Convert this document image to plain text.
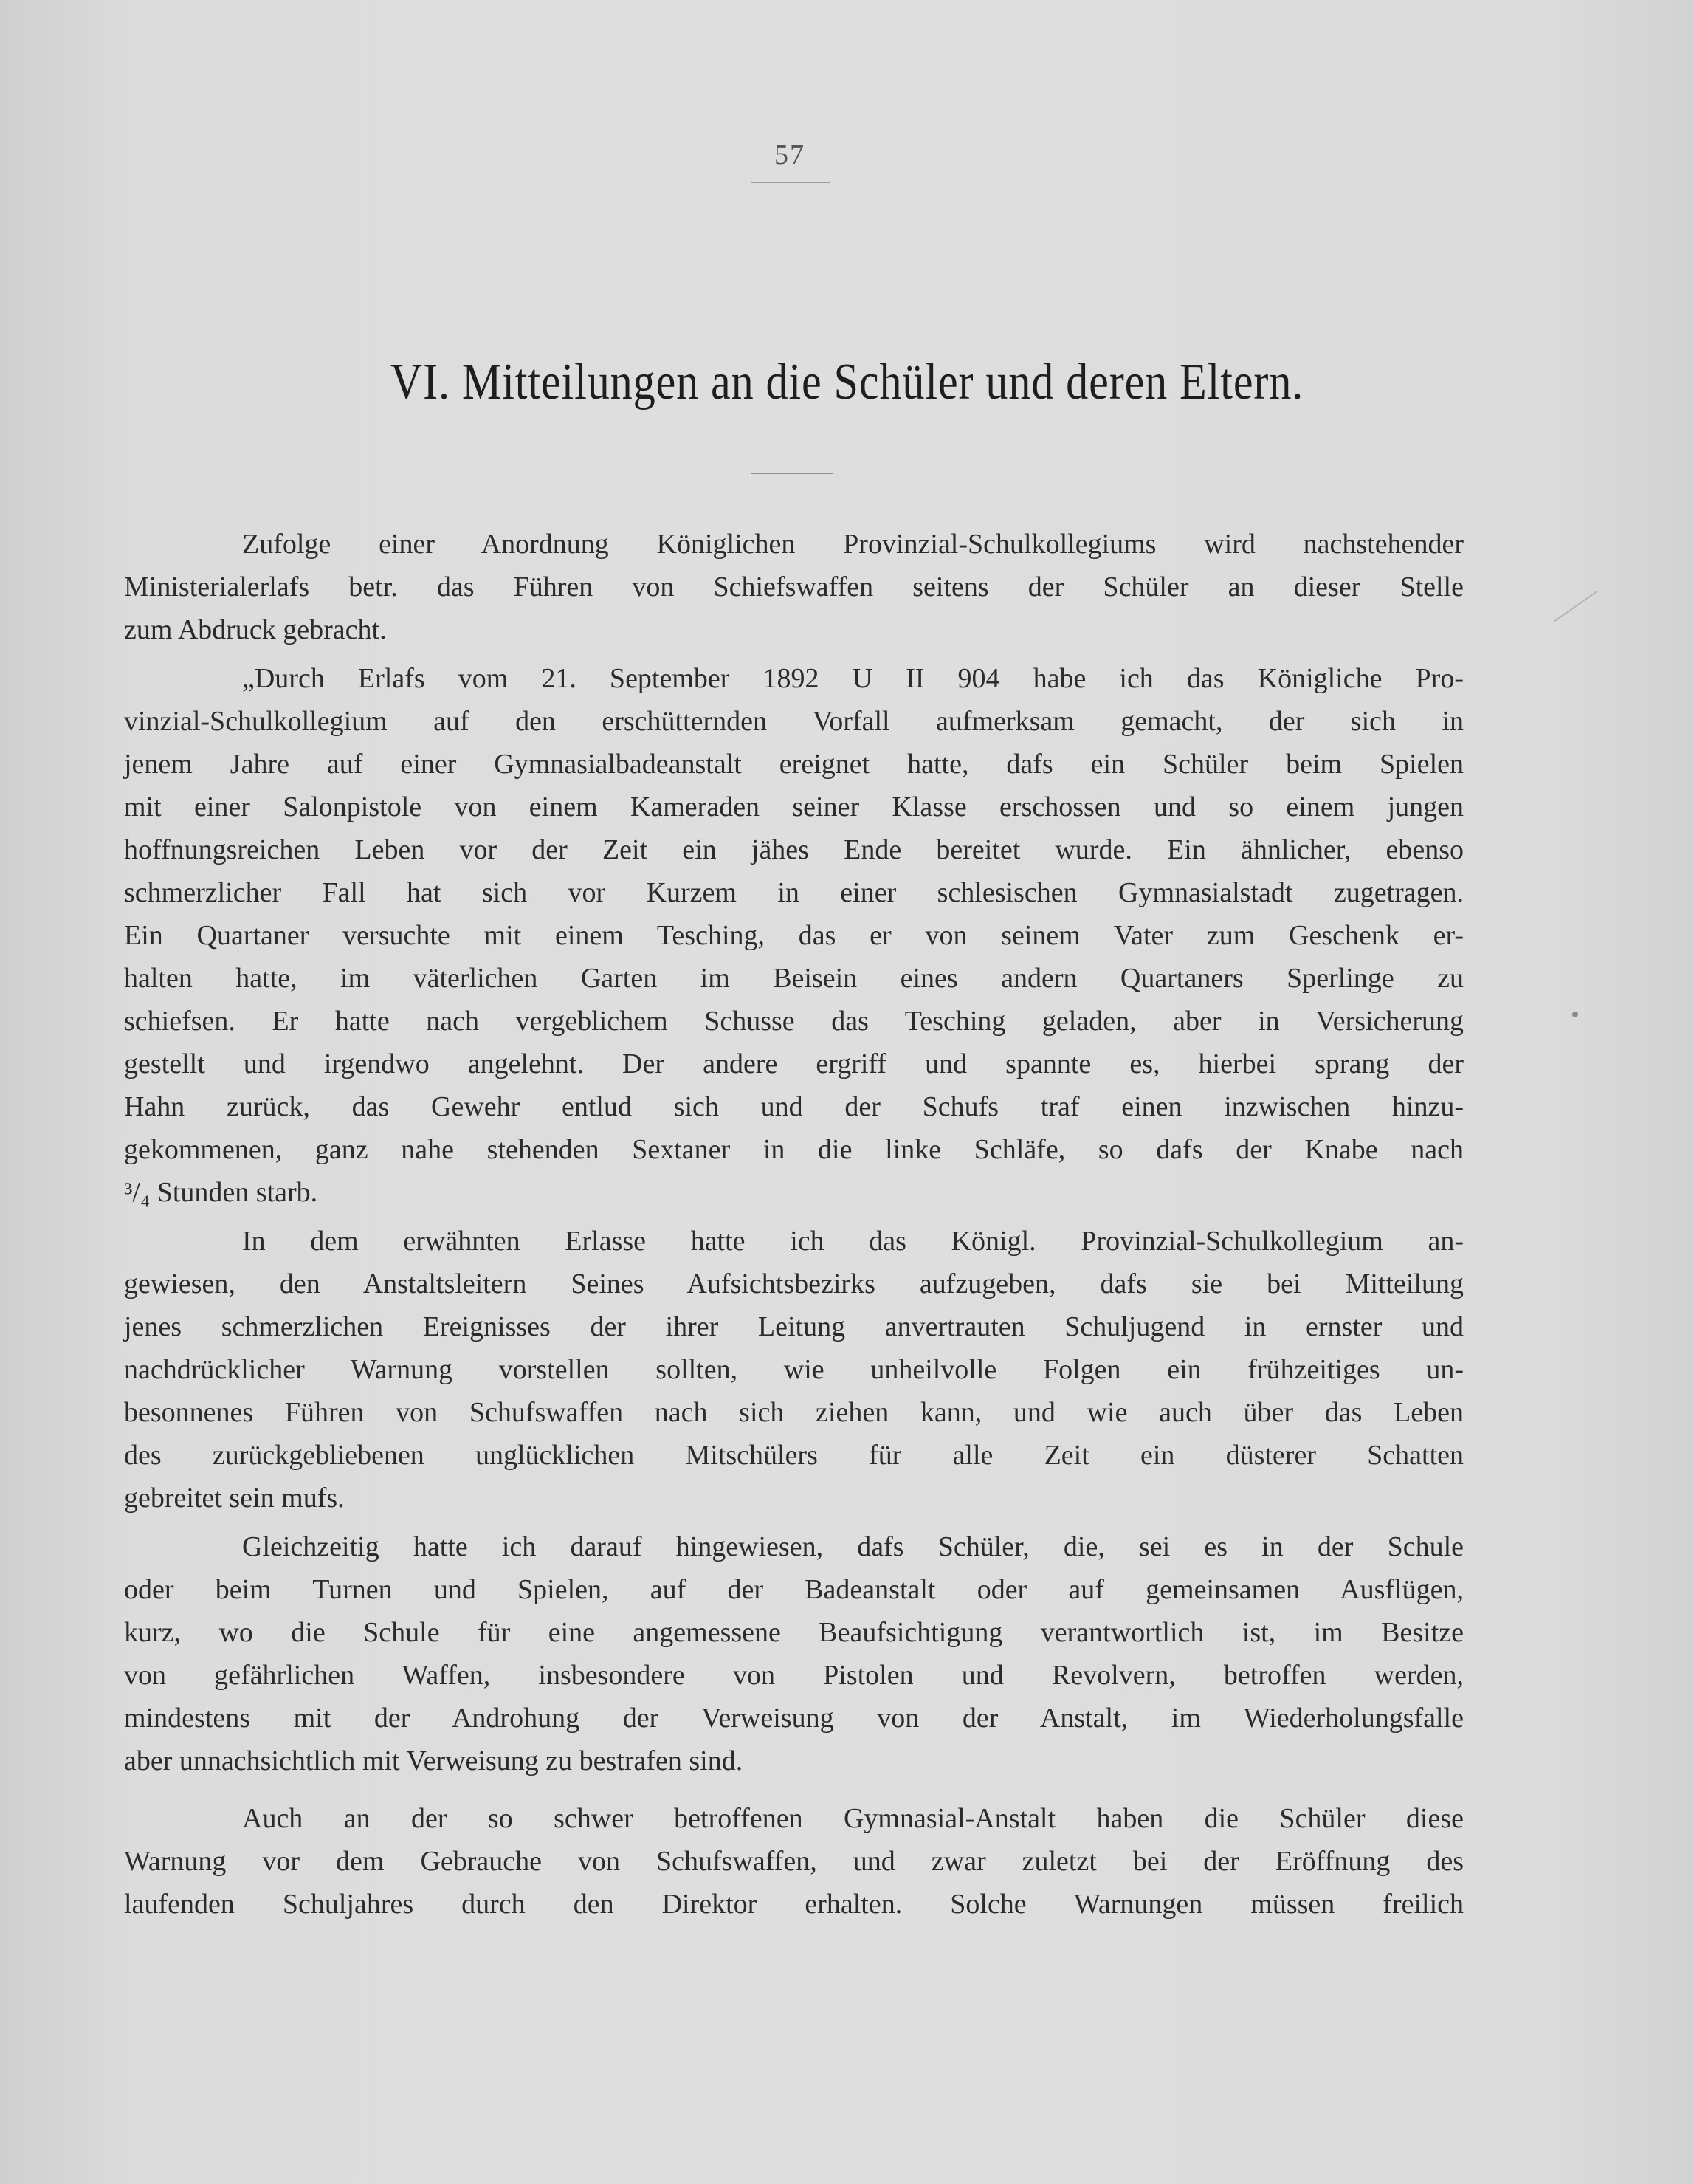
57
VI. Mitteilungen an die Schüler und deren Eltern.
Zufolge einer Anordnung Königlichen Provinzial-Schulkollegiums wird nachstehender
Ministerialerlafs betr. das Führen von Schiefswaffen seitens der Schüler an dieser Stelle
zum Abdruck gebracht.
„Durch Erlafs vom 21. September 1892 U II 904 habe ich das Königliche Pro-
vinzial-Schulkollegium auf den erschütternden Vorfall aufmerksam gemacht, der sich in
jenem Jahre auf einer Gymnasialbadeanstalt ereignet hatte, dafs ein Schüler beim Spielen
mit einer Salonpistole von einem Kameraden seiner Klasse erschossen und so einem jungen
hoffnungsreichen Leben vor der Zeit ein jähes Ende bereitet wurde. Ein ähnlicher, ebenso
schmerzlicher Fall hat sich vor Kurzem in einer schlesischen Gymnasialstadt zugetragen.
Ein Quartaner versuchte mit einem Tesching, das er von seinem Vater zum Geschenk er-
halten hatte, im väterlichen Garten im Beisein eines andern Quartaners Sperlinge zu
schiefsen. Er hatte nach vergeblichem Schusse das Tesching geladen, aber in Versicherung
gestellt und irgendwo angelehnt. Der andere ergriff und spannte es, hierbei sprang der
Hahn zurück, das Gewehr entlud sich und der Schufs traf einen inzwischen hinzu-
gekommenen, ganz nahe stehenden Sextaner in die linke Schläfe, so dafs der Knabe nach
³/₄ Stunden starb.
In dem erwähnten Erlasse hatte ich das Königl. Provinzial-Schulkollegium an-
gewiesen, den Anstaltsleitern Seines Aufsichtsbezirks aufzugeben, dafs sie bei Mitteilung
jenes schmerzlichen Ereignisses der ihrer Leitung anvertrauten Schuljugend in ernster und
nachdrücklicher Warnung vorstellen sollten, wie unheilvolle Folgen ein frühzeitiges un-
besonnenes Führen von Schufswaffen nach sich ziehen kann, und wie auch über das Leben
des zurückgebliebenen unglücklichen Mitschülers für alle Zeit ein düsterer Schatten
gebreitet sein mufs.
Gleichzeitig hatte ich darauf hingewiesen, dafs Schüler, die, sei es in der Schule
oder beim Turnen und Spielen, auf der Badeanstalt oder auf gemeinsamen Ausflügen,
kurz, wo die Schule für eine angemessene Beaufsichtigung verantwortlich ist, im Besitze
von gefährlichen Waffen, insbesondere von Pistolen und Revolvern, betroffen werden,
mindestens mit der Androhung der Verweisung von der Anstalt, im Wiederholungsfalle
aber unnachsichtlich mit Verweisung zu bestrafen sind.
Auch an der so schwer betroffenen Gymnasial-Anstalt haben die Schüler diese
Warnung vor dem Gebrauche von Schufswaffen, und zwar zuletzt bei der Eröffnung des
laufenden Schuljahres durch den Direktor erhalten. Solche Warnungen müssen freilich
